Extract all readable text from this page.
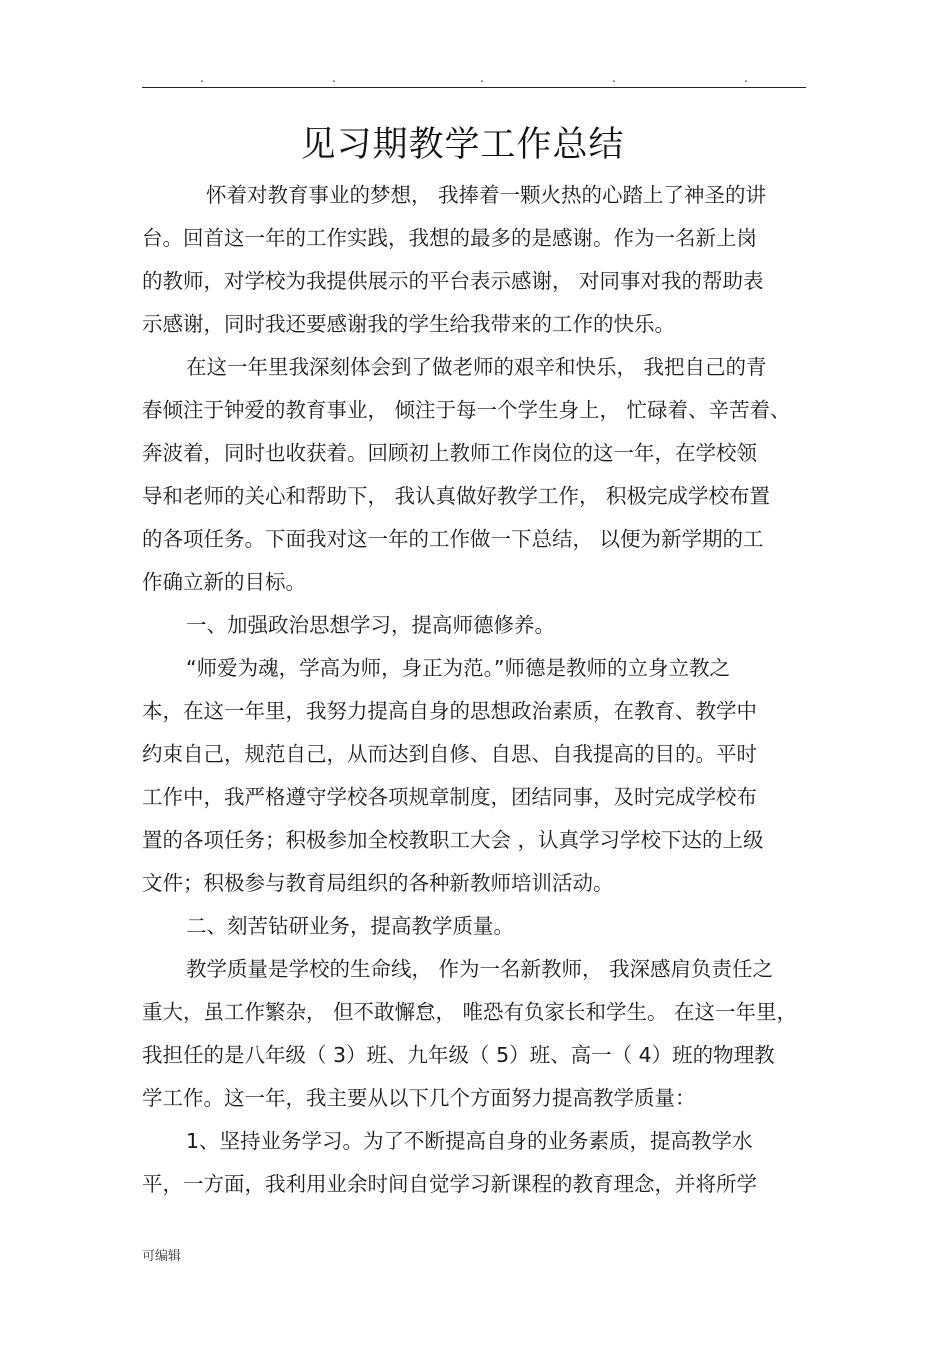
.	.	.	.	.
见习期教学工作总结
怀着对教育事业的梦想， 我捧着一颗火热的心踏上了神圣的讲
台。回首这一年的工作实践，我想的最多的是感谢。作为一名新上岗
的教师，对学校为我提供展示的平台表示感谢， 对同事对我的帮助表
示感谢，同时我还要感谢我的学生给我带来的工作的快乐。
在这一年里我深刻体会到了做老师的艰辛和快乐， 我把自己的青
春倾注于钟爱的教育事业， 倾注于每一个学生身上， 忙碌着、辛苦着、
奔波着，同时也收获着。回顾初上教师工作岗位的这一年，在学校领
导和老师的关心和帮助下， 我认真做好教学工作， 积极完成学校布置
的各项任务。下面我对这一年的工作做一下总结， 以便为新学期的工
作确立新的目标。
一、加强政治思想学习，提高师德修养。
“师爱为魂，学高为师，身正为范。”师德是教师的立身立教之
本，在这一年里，我努力提高自身的思想政治素质，在教育、教学中
约束自己，规范自己，从而达到自修、自思、自我提高的目的。平时
工作中，我严格遵守学校各项规章制度，团结同事，及时完成学校布
置的各项任务；积极参加全校教职工大会 ，认真学习学校下达的上级
文件；积极参与教育局组织的各种新教师培训活动。
二、刻苦钻研业务，提高教学质量。
教学质量是学校的生命线， 作为一名新教师， 我深感肩负责任之
重大，虽工作繁杂， 但不敢懈怠， 唯恐有负家长和学生。 在这一年里，
我担任的是八年级（ 3）班、九年级（ 5）班、高一（ 4）班的物理教
学工作。这一年，我主要从以下几个方面努力提高教学质量：
1、坚持业务学习。为了不断提高自身的业务素质，提高教学水
平，一方面，我利用业余时间自觉学习新课程的教育理念，并将所学
可编辑
